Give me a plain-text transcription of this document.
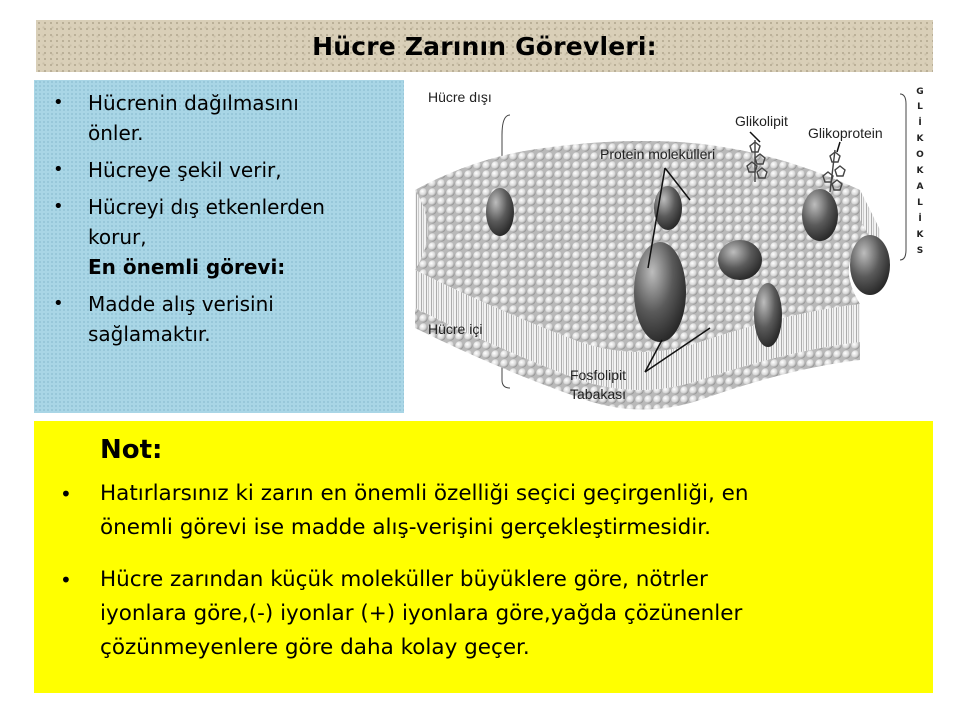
Hücre Zarının Görevleri:
• Hücrenin dağılmasını
önler.
• Hücreye şekil verir,
• Hücreyi dış etkenlerden
korur,
En önemli görevi:
• Madde alış verisini
sağlamaktır.
Hücre dışı
Hücre içi
Protein molekülleri
Glikolipit
Glikoprotein
Fosfolipit
Tabakası
G
L
İ
K
O
K
A
L
İ
K
S
Not:
• Hatırlarsınız ki zarın en önemli özelliği seçici geçirgenliği, en
önemli görevi ise madde alış-verişini gerçekleştirmesidir.
• Hücre zarından küçük moleküller büyüklere göre, nötrler
iyonlara göre,(-) iyonlar (+) iyonlara göre,yağda çözünenler
çözünmeyenlere göre daha kolay geçer.
